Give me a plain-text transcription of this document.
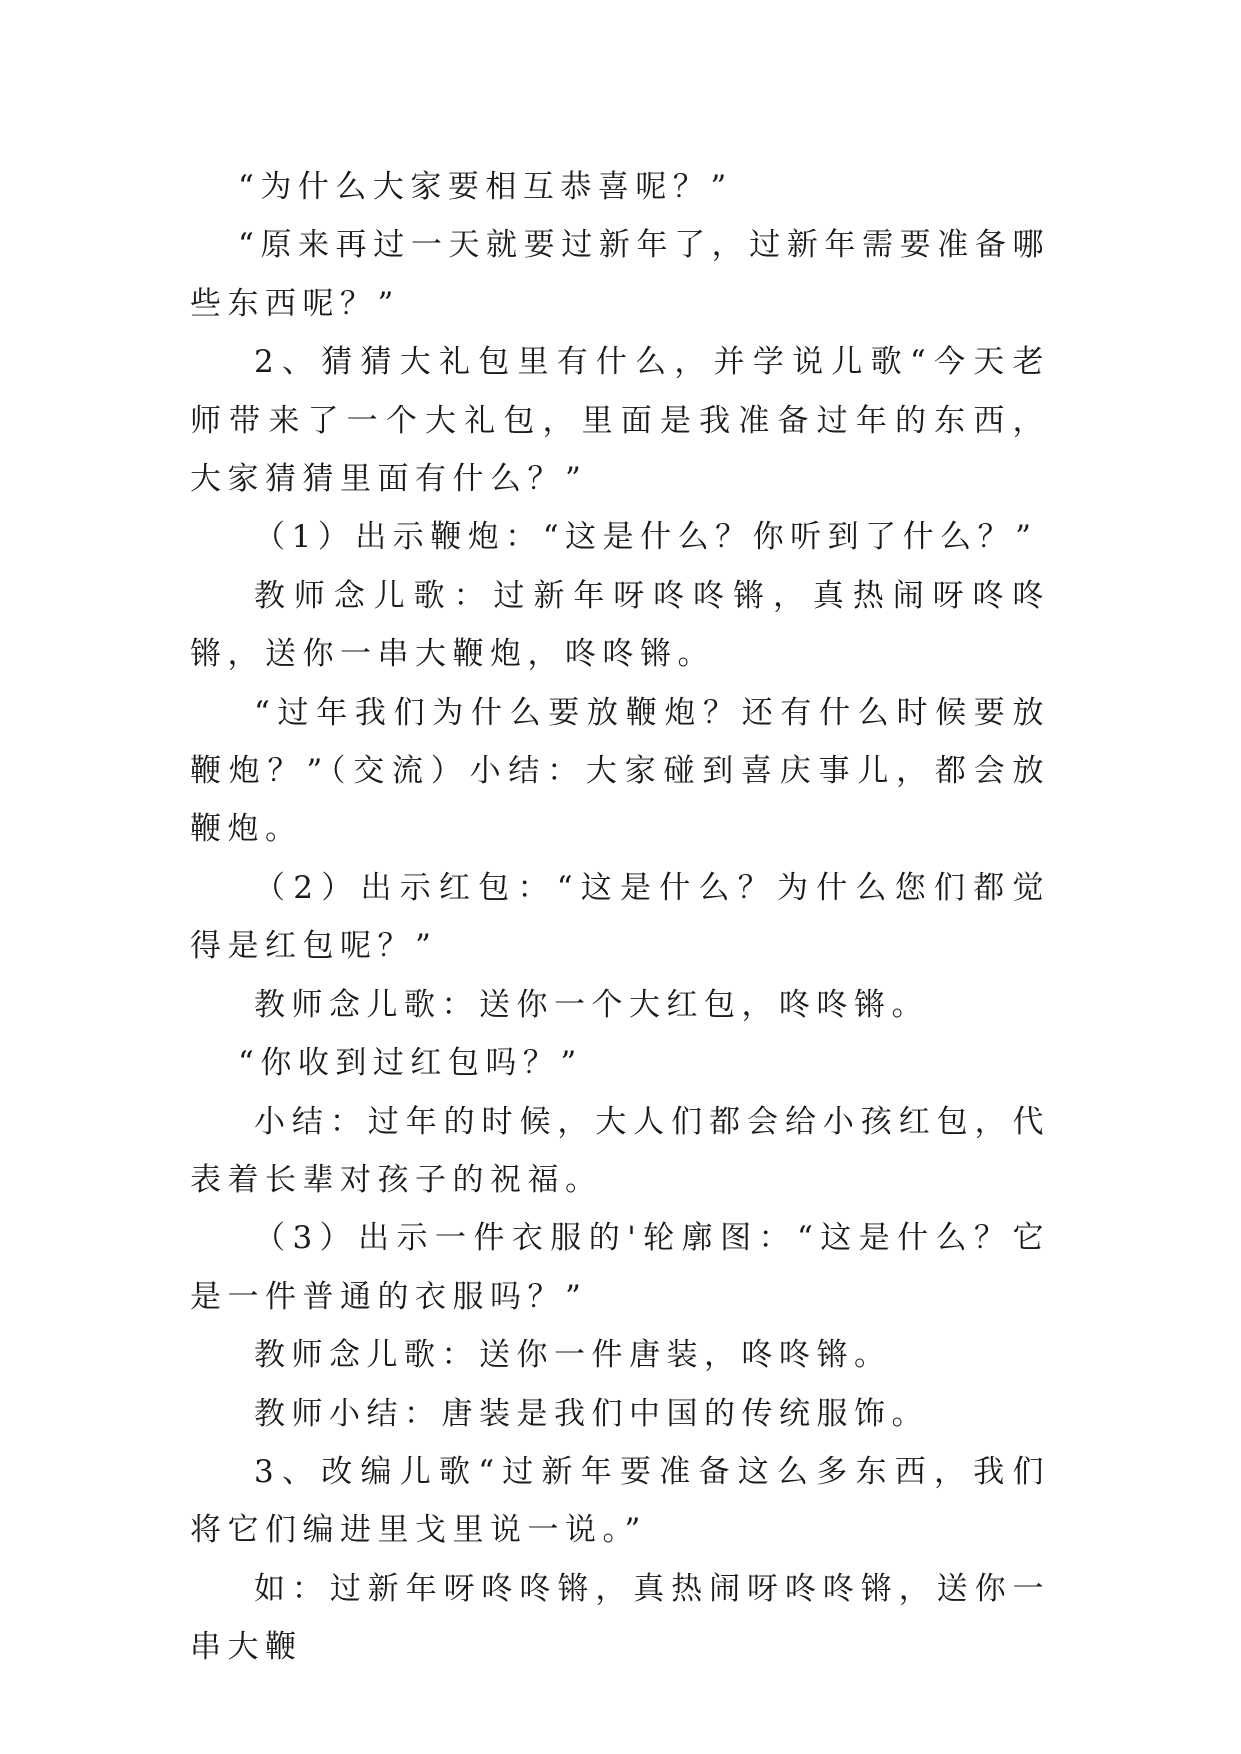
“为什么大家要相互恭喜呢？”

“原来再过一天就要过新年了，过新年需要准备哪些东西呢？”

2、猜猜大礼包里有什么，并学说儿歌“今天老师带来了一个大礼包，里面是我准备过年的东西，大家猜猜里面有什么？”

（1）出示鞭炮：“这是什么？你听到了什么？”

教师念儿歌：过新年呀咚咚锵，真热闹呀咚咚锵，送你一串大鞭炮，咚咚锵。

“过年我们为什么要放鞭炮？还有什么时候要放鞭炮？”（交流）小结：大家碰到喜庆事儿，都会放鞭炮。

（2）出示红包：“这是什么？为什么您们都觉得是红包呢？”

教师念儿歌：送你一个大红包，咚咚锵。

“你收到过红包吗？”

小结：过年的时候，大人们都会给小孩红包，代表着长辈对孩子的祝福。

（3）出示一件衣服的'轮廓图：“这是什么？它是一件普通的衣服吗？”

教师念儿歌：送你一件唐装，咚咚锵。

教师小结：唐装是我们中国的传统服饰。

3、改编儿歌“过新年要准备这么多东西，我们将它们编进里戈里说一说。”

如：过新年呀咚咚锵，真热闹呀咚咚锵，送你一串大鞭
